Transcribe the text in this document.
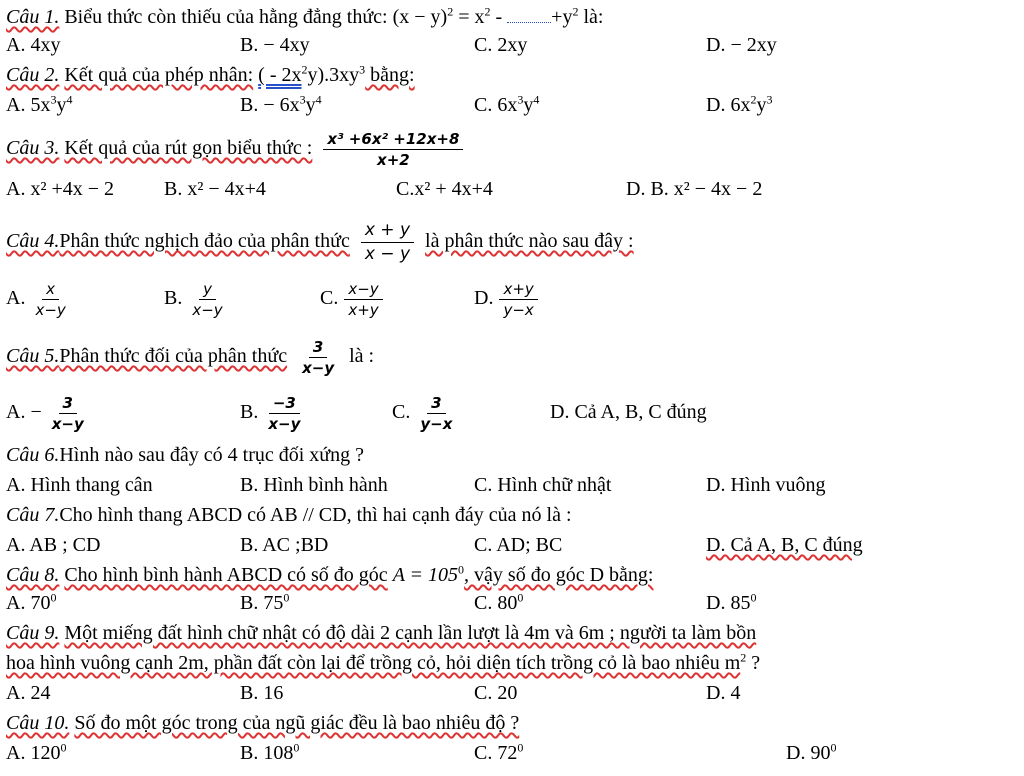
Câu 1. Biểu thức còn thiếu của hằng đẳng thức: $(x - y)^2 = x^2 - +y^2$ là:
A. 4xy	B. − 4xy	C. 2xy	D. − 2xy
Câu 2. Kết quả của phép nhân: ( - $2x^2y).3xy^3$ bằng:
A. $5x^3y^4$	B. − $6x^3y^4$	C. $6x^3y^4$	D. $6x^2y^3$
Câu 3. Kết quả của rút gọn biểu thức : $\frac{\text{x³ +6x² +12x+8}}{x+2}$
A. x² +4x − 2	B. x² − 4x+4	C.x² + 4x+4	D. B. x² − 4x − 2
Câu 4.Phân thức nghịch đảo của phân thức $\frac{x + y}{x - y}$ là phân thức nào sau đây :
A. $\frac{x}{x-y}$	B. $\frac{y}{x-y}$	C. $\frac{x-y}{x+y}$	D. $\frac{x+y}{y-x}$
Câu 5.Phân thức đối của phân thức $\frac{3}{x-y}$ là :
A. − $\frac{3}{x-y}$	B. $\frac{-3}{x-y}$	C. $\frac{3}{y-x}$	D. Cả A, B, C đúng
Câu 6.Hình nào sau đây có 4 trục đối xứng ?
A. Hình thang cân	B. Hình bình hành	C. Hình chữ nhật	D. Hình vuông
Câu 7.Cho hình thang ABCD có AB // CD, thì hai cạnh đáy của nó là :
A. AB ; CD	B. AC ;BD	C. AD; BC	D. Cả A, B, C đúng
Câu 8. Cho hình bình hành ABCD có số đo góc $A = 105^0$, vậy số đo góc D bằng:
A. $70^0$	B. $75^0$	C. $80^0$	D. $85^0$
Câu 9. Một miếng đất hình chữ nhật có độ dài 2 cạnh lần lượt là 4m và 6m ; người ta làm bồn
hoa hình vuông cạnh 2m, phần đất còn lại để trồng cỏ, hỏi diện tích trồng cỏ là bao nhiêu $m^2$ ?
A. 24	B. 16	C. 20	D. 4
Câu 10. Số đo một góc trong của ngũ giác đều là bao nhiêu độ ?
A. $120^0$	B. $108^0$	C. $72^0$	D. $90^0$
